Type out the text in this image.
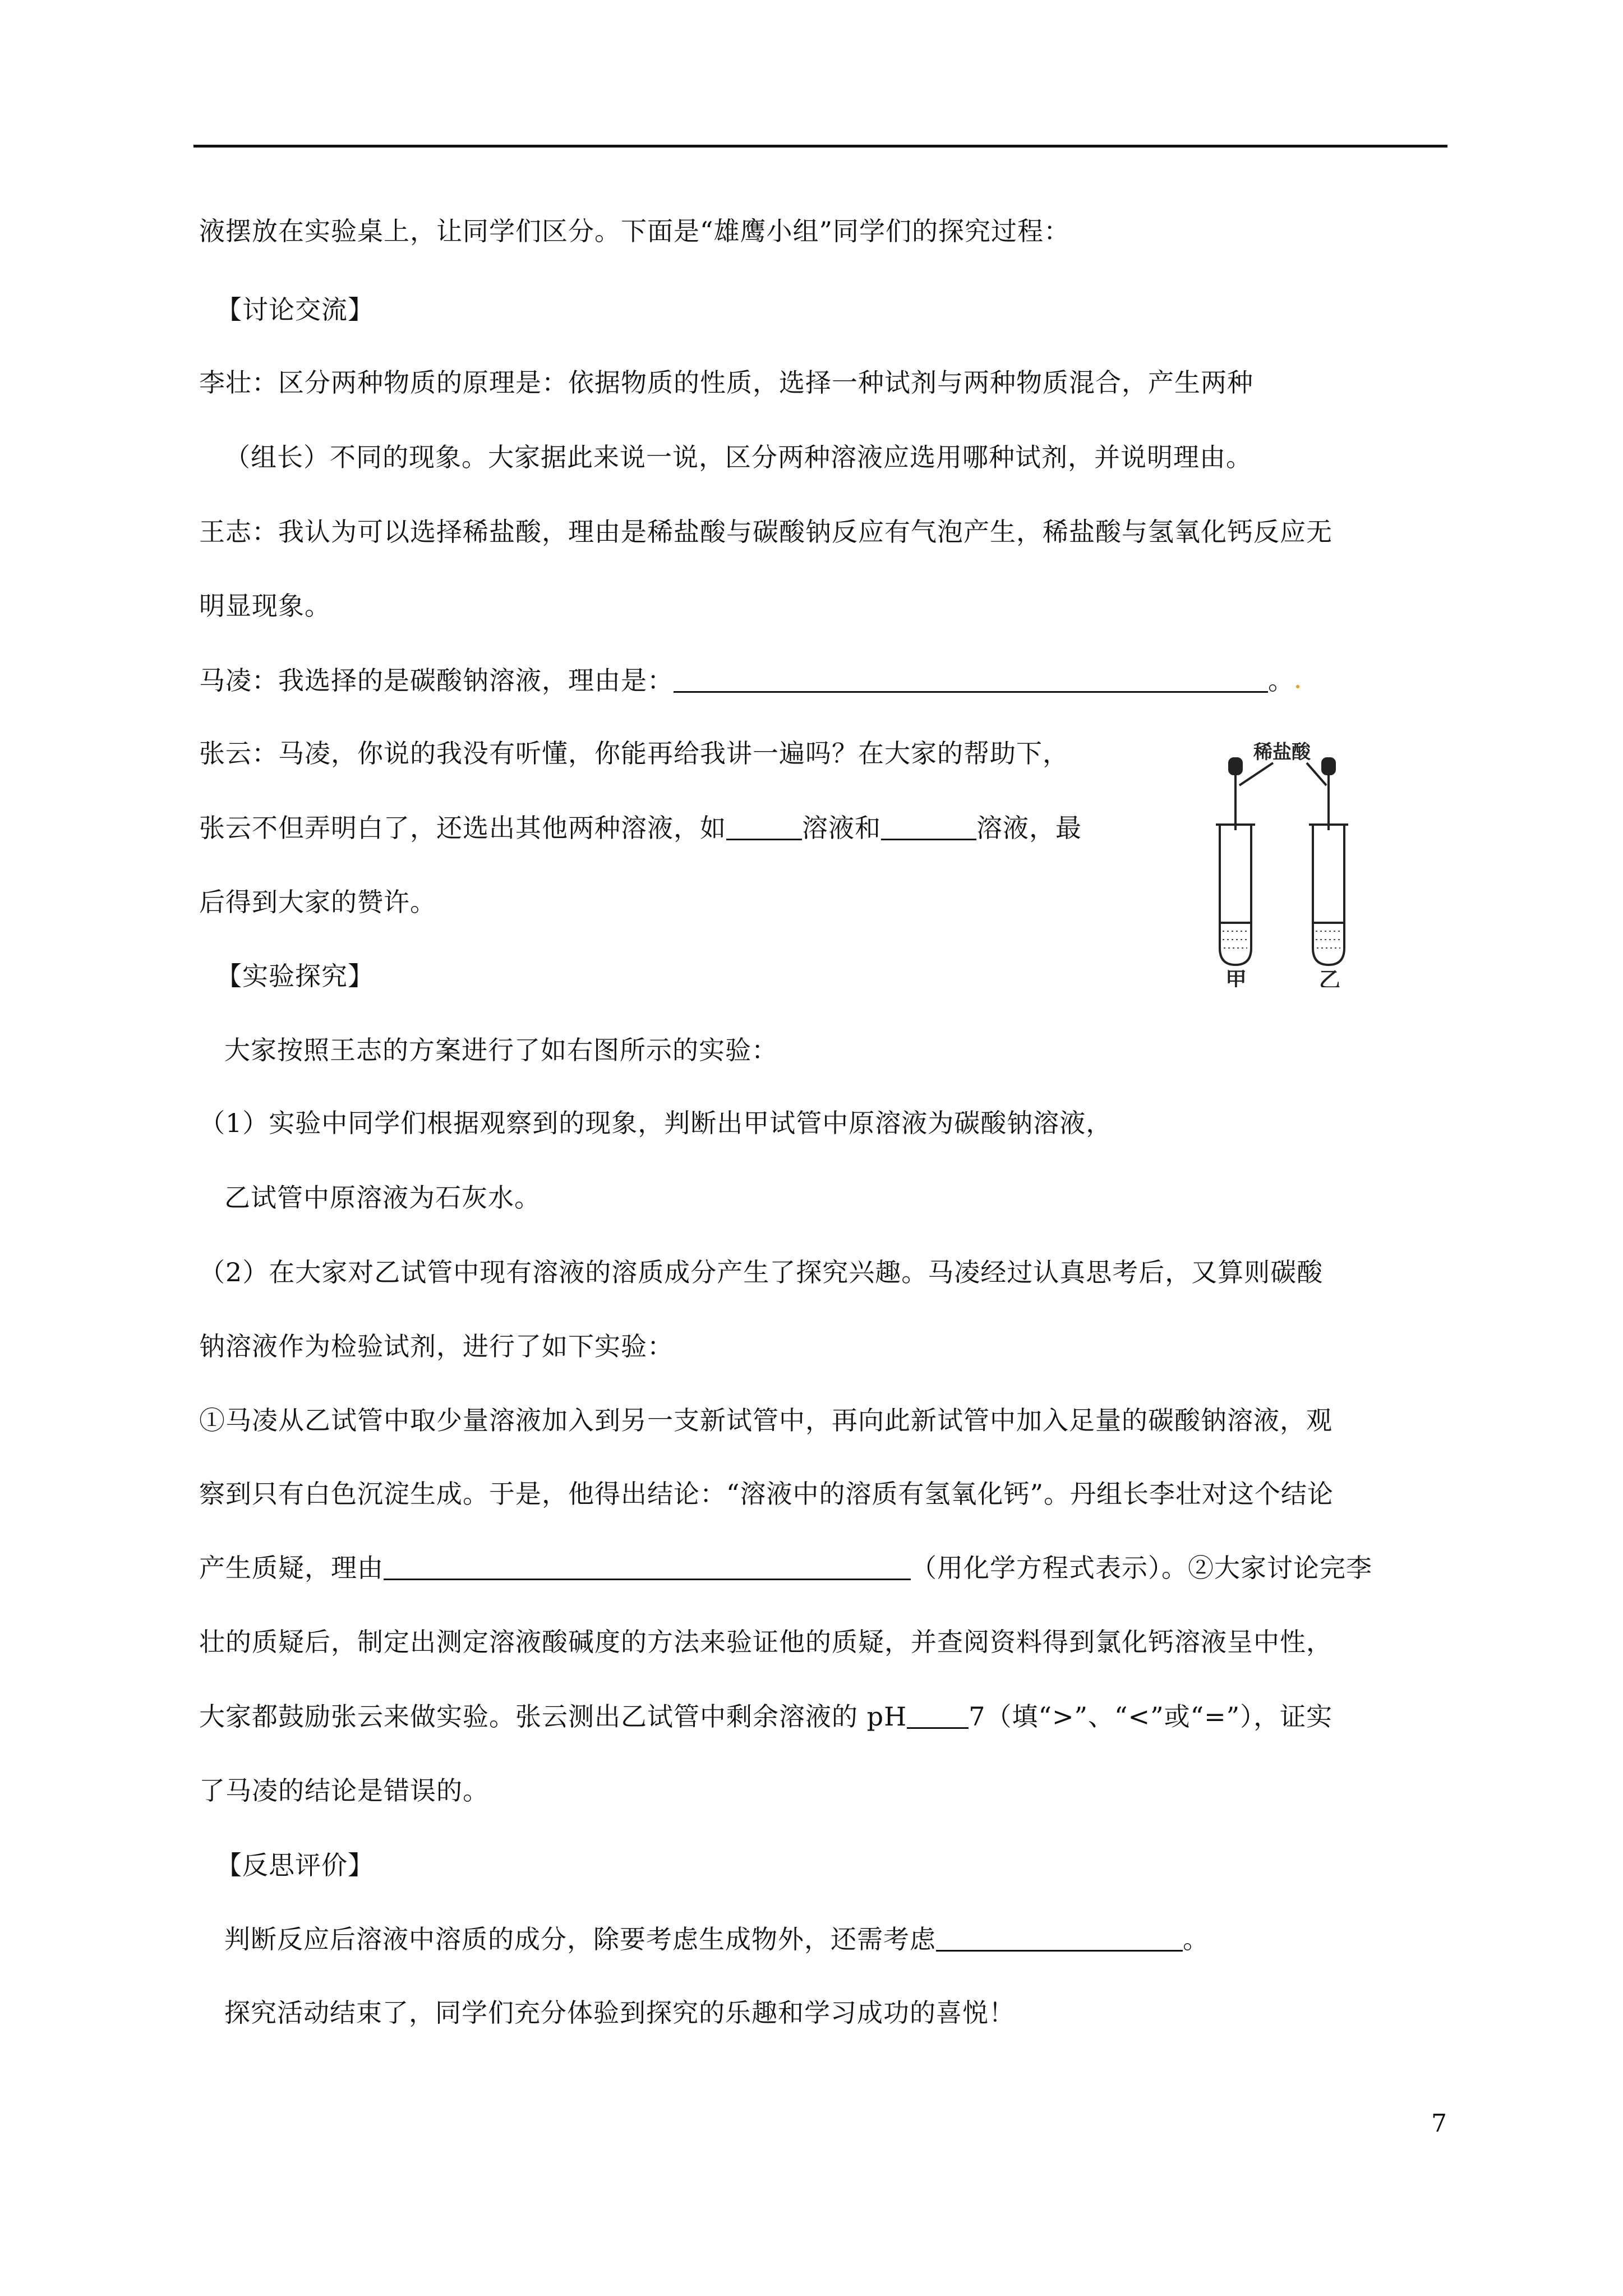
液摆放在实验桌上，让同学们区分。下面是“雄鹰小组”同学们的探究过程：
【讨论交流】
李壮：区分两种物质的原理是：依据物质的性质，选择一种试剂与两种物质混合，产生两种
（组长）不同的现象。大家据此来说一说，区分两种溶液应选用哪种试剂，并说明理由。
王志：我认为可以选择稀盐酸，理由是稀盐酸与碳酸钠反应有气泡产生，稀盐酸与氢氧化钙反应无
明显现象。
马凌：我选择的是碳酸钠溶液，理由是：	。
张云：马凌，你说的我没有听懂，你能再给我讲一遍吗？在大家的帮助下，
张云不但弄明白了，还选出其他两种溶液，如	溶液和	溶液，最
后得到大家的赞许。
【实验探究】
大家按照王志的方案进行了如右图所示的实验：
（1）实验中同学们根据观察到的现象，判断出甲试管中原溶液为碳酸钠溶液，
乙试管中原溶液为石灰水。
（2）在大家对乙试管中现有溶液的溶质成分产生了探究兴趣。马凌经过认真思考后，又算则碳酸
钠溶液作为检验试剂，进行了如下实验：
①马凌从乙试管中取少量溶液加入到另一支新试管中，再向此新试管中加入足量的碳酸钠溶液，观
察到只有白色沉淀生成。于是，他得出结论：“溶液中的溶质有氢氧化钙”。丹组长李壮对这个结论
产生质疑，理由	（用化学方程式表示）。②大家讨论完李
壮的质疑后，制定出测定溶液酸碱度的方法来验证他的质疑，并查阅资料得到氯化钙溶液呈中性，
大家都鼓励张云来做实验。张云测出乙试管中剩余溶液的 pH 7（填“>”、“<”或“=”），证实
了马凌的结论是错误的。
【反思评价】
判断反应后溶液中溶质的成分，除要考虑生成物外，还需考虑	。
探究活动结束了，同学们充分体验到探究的乐趣和学习成功的喜悦！
稀盐酸
甲	乙
7
